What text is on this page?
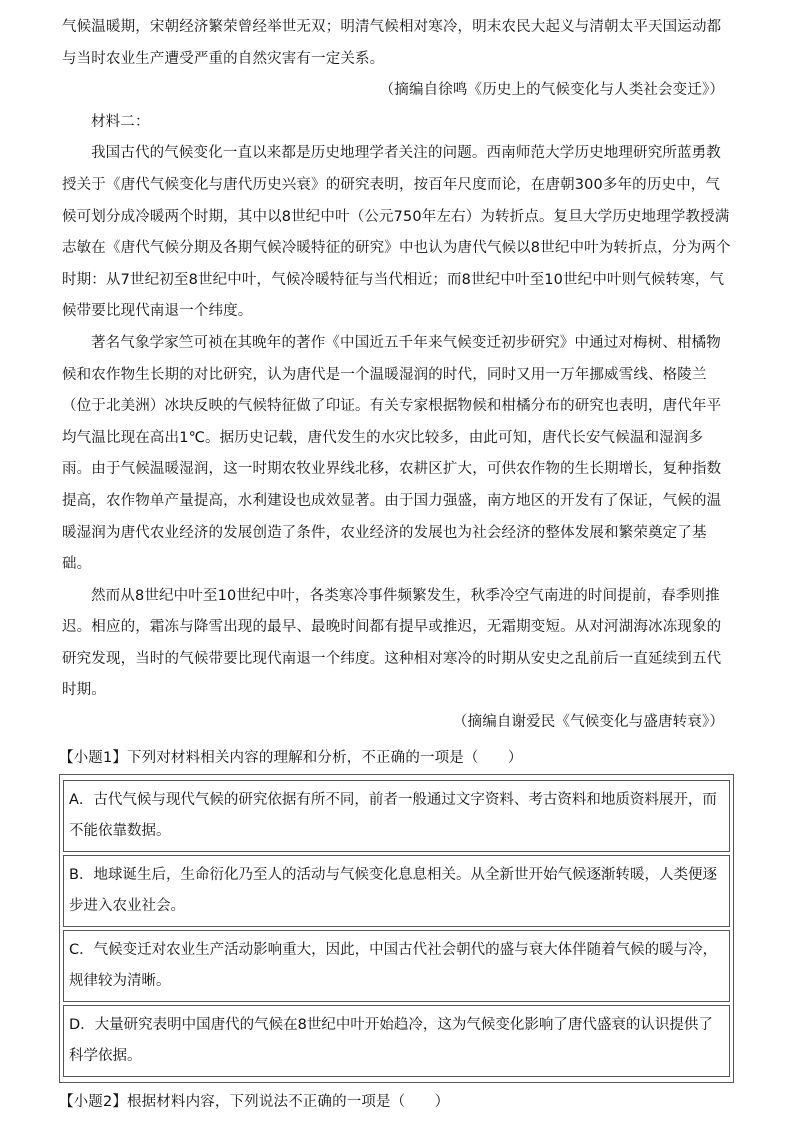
气候温暖期，宋朝经济繁荣曾经举世无双；明清气候相对寒冷，明末农民大起义与清朝太平天国运动都与当时农业生产遭受严重的自然灾害有一定关系。

（摘编自徐鸣《历史上的气候变化与人类社会变迁》）

材料二：

我国古代的气候变化一直以来都是历史地理学者关注的问题。西南师范大学历史地理研究所蓝勇教授关于《唐代气候变化与唐代历史兴衰》的研究表明，按百年尺度而论，在唐朝300多年的历史中，气候可划分成冷暖两个时期，其中以8世纪中叶（公元750年左右）为转折点。复旦大学历史地理学教授满志敏在《唐代气候分期及各期气候冷暖特征的研究》中也认为唐代气候以8世纪中叶为转折点，分为两个时期：从7世纪初至8世纪中叶，气候冷暖特征与当代相近；而8世纪中叶至10世纪中叶则气候转寒，气候带要比现代南退一个纬度。

著名气象学家竺可祯在其晚年的著作《中国近五千年来气候变迁初步研究》中通过对梅树、柑橘物候和农作物生长期的对比研究，认为唐代是一个温暖湿润的时代，同时又用一万年挪威雪线、格陵兰（位于北美洲）冰块反映的气候特征做了印证。有关专家根据物候和柑橘分布的研究也表明，唐代年平均气温比现在高出1℃。据历史记载，唐代发生的水灾比较多，由此可知，唐代长安气候温和湿润多雨。由于气候温暖湿润，这一时期农牧业界线北移，农耕区扩大，可供农作物的生长期增长，复种指数提高，农作物单产量提高，水利建设也成效显著。由于国力强盛，南方地区的开发有了保证，气候的温暖湿润为唐代农业经济的发展创造了条件，农业经济的发展也为社会经济的整体发展和繁荣奠定了基础。

然而从8世纪中叶至10世纪中叶，各类寒冷事件频繁发生，秋季冷空气南进的时间提前，春季则推迟。相应的，霜冻与降雪出现的最早、最晚时间都有提早或推迟，无霜期变短。从对河湖海冰冻现象的研究发现，当时的气候带要比现代南退一个纬度。这种相对寒冷的时期从安史之乱前后一直延续到五代时期。

（摘编自谢爱民《气候变化与盛唐转衰》）

【小题1】下列对材料相关内容的理解和分析，不正确的一项是（　　）

A．古代气候与现代气候的研究依据有所不同，前者一般通过文字资料、考古资料和地质资料展开，而不能依靠数据。
B．地球诞生后，生命衍化乃至人的活动与气候变化息息相关。从全新世开始气候逐渐转暖，人类便逐步进入农业社会。
C．气候变迁对农业生产活动影响重大，因此，中国古代社会朝代的盛与衰大体伴随着气候的暖与冷，规律较为清晰。
D．大量研究表明中国唐代的气候在8世纪中叶开始趋冷，这为气候变化影响了唐代盛衰的认识提供了科学依据。

【小题2】根据材料内容，下列说法不正确的一项是（　　）
